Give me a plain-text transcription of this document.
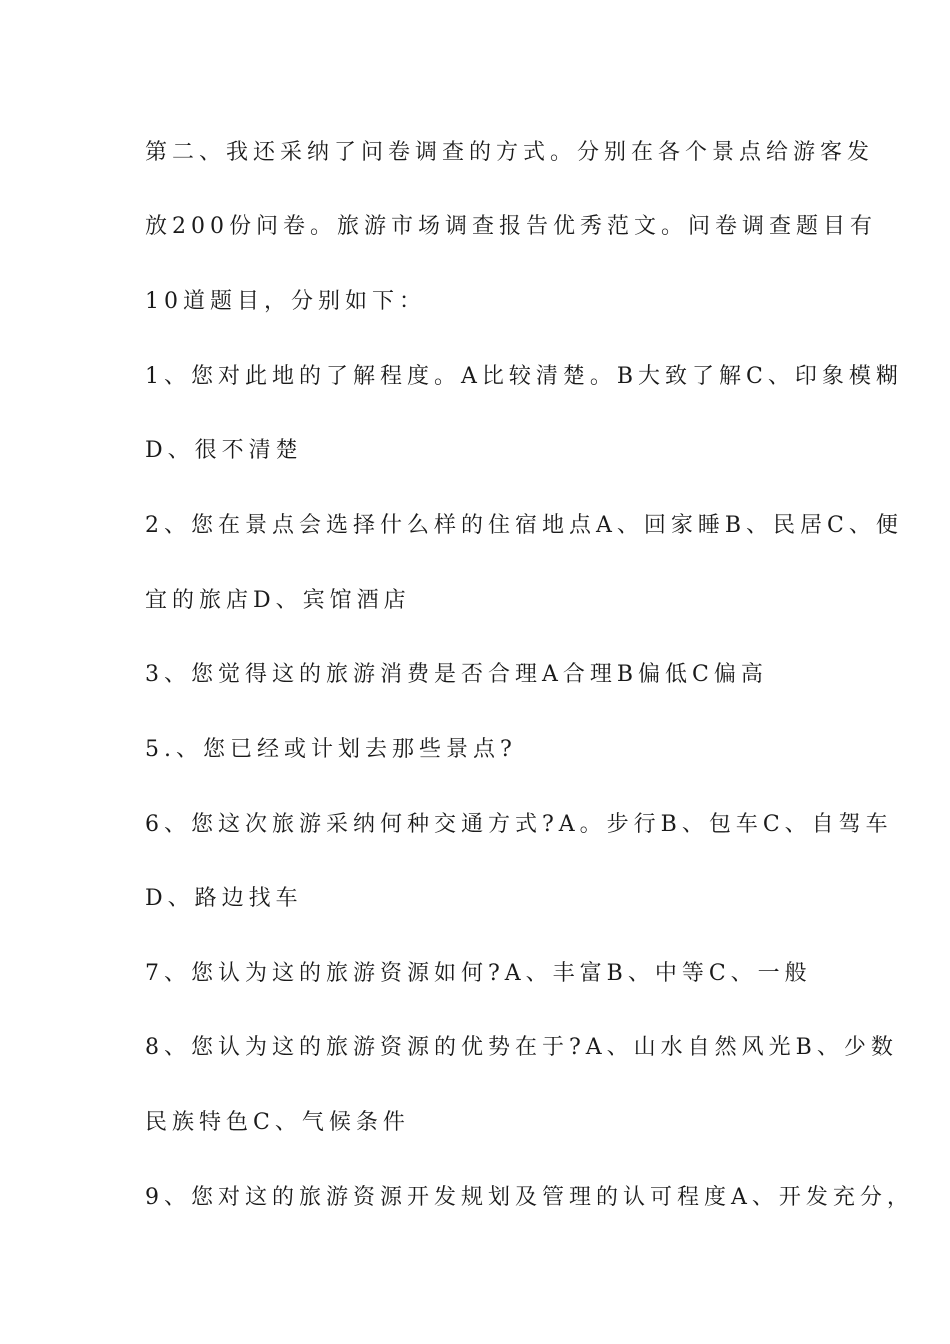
第二、我还采纳了问卷调查的方式。分别在各个景点给游客发

放200份问卷。旅游市场调查报告优秀范文。问卷调查题目有

10道题目，分别如下：

1、您对此地的了解程度。A比较清楚。B大致了解C、印象模糊

D、很不清楚

2、您在景点会选择什么样的住宿地点A、回家睡B、民居C、便

宜的旅店D、宾馆酒店

3、您觉得这的旅游消费是否合理A合理B偏低C偏高

5.、您已经或计划去那些景点?

6、您这次旅游采纳何种交通方式?A。步行B、包车C、自驾车

D、路边找车

7、您认为这的旅游资源如何?A、丰富B、中等C、一般

8、您认为这的旅游资源的优势在于?A、山水自然风光B、少数

民族特色C、气候条件

9、您对这的旅游资源开发规划及管理的认可程度A、开发充分，
